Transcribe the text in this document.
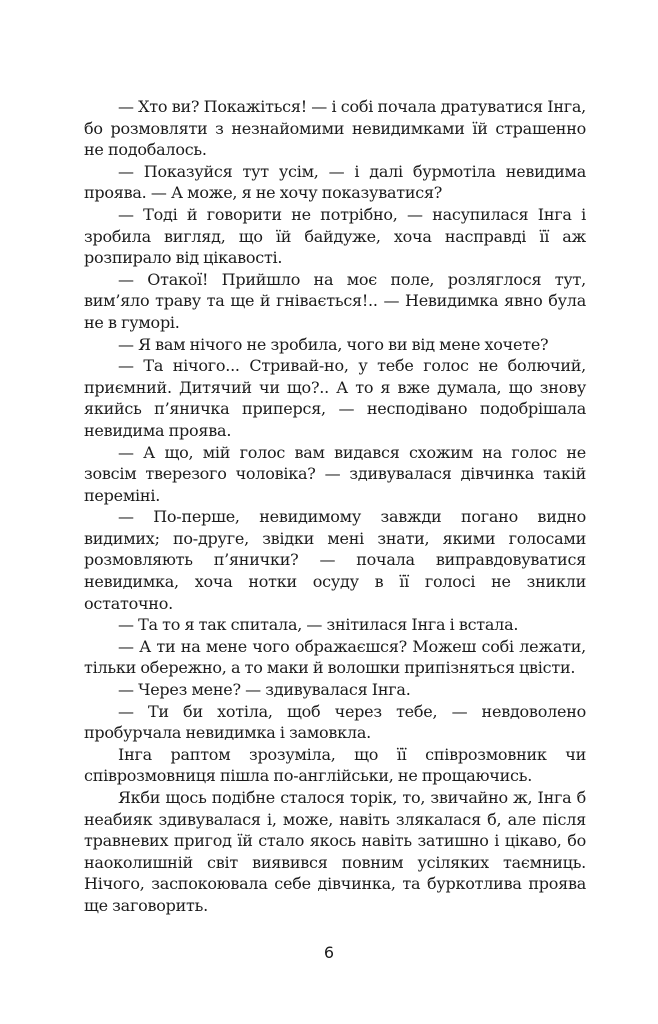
— Хто ви? Покажіться! — і собі почала дратуватися Інга, бо розмовляти з незнайомими невидимками їй страшенно не подобалось.

— Показуйся тут усім, — і далі бурмотіла невидима проява. — А може, я не хочу показуватися?

— Тоді й говорити не потрібно, — насупилася Інга і зробила вигляд, що їй байдуже, хоча насправді її аж розпирало від цікавості.

— Отакої! Прийшло на моє поле, розляглося тут, вим’яло траву та ще й гнівається!.. — Невидимка явно була не в гуморі.

— Я вам нічого не зробила, чого ви від мене хочете?

— Та нічого... Стривай-но, у тебе голос не болючий, приємний. Дитячий чи що?.. А то я вже думала, що знову якийсь п’яничка приперся, — несподівано подобрішала невидима проява.

— А що, мій голос вам видався схожим на голос не зовсім тверезого чоловіка? — здивувалася дівчинка такій переміні.

— По-перше, невидимому завжди погано видно видимих; по-друге, звідки мені знати, якими голосами розмовляють п’янички? — почала виправдовуватися невидимка, хоча нотки осуду в її голосі не зникли остаточно.

— Та то я так спитала, — знітилася Інга і встала.

— А ти на мене чого ображаєшся? Можеш собі лежати, тільки обережно, а то маки й волошки припізняться цвісти.

— Через мене? — здивувалася Інга.

— Ти би хотіла, щоб через тебе, — невдоволено пробурчала невидимка і замовкла.

Інга раптом зрозуміла, що її співрозмовник чи співрозмовниця пішла по-англійськи, не прощаючись.

Якби щось подібне сталося торік, то, звичайно ж, Інга б неабияк здивувалася і, може, навіть злякалася б, але після травневих пригод їй стало якось навіть затишно і цікаво, бо наоколишній світ виявився повним усіляких таємниць. Нічого, заспокоювала себе дівчинка, та буркотлива проява ще заговорить.

6
